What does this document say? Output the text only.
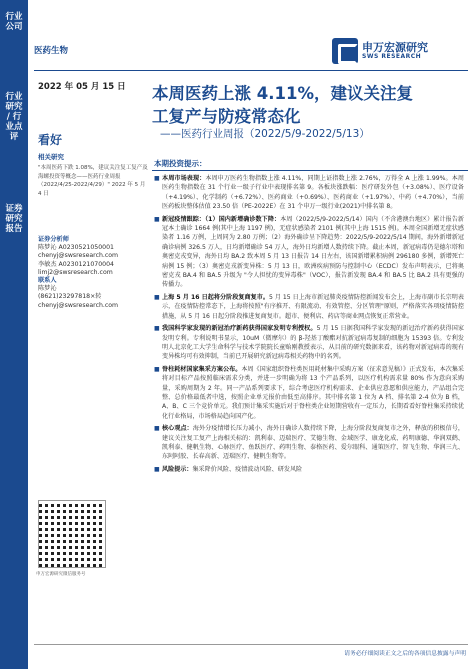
行业公司
行业研究 / 行业点评
证券研究报告
医药生物	申万宏源研究
SWS RESEARCH
2022 年 05 月 15 日
看好
相关研究
"本周医药下跌 1.08%，建议关注复工复产及海螺投资等概念——医药行业周报（2022/4/25-2022/4/29）" 2022 年 5 月 4 日
证券分析师
陈梦沁 A0230521050001
chenyj@swsresearch.com
李敏杰 A0230121070004
limj2@swsresearch.com
联系人
陈梦沁
(8621)23297818×转
chenyj@swsresearch.com
申万宏源研究微信服务号
本周医药上涨 4.11%，建议关注复
工复产与防疫常态化
——医药行业周报（2022/5/9-2022/5/13）
本期投资提示：
■ 本周市场表现：本周申万医药生物指数上涨 4.11%，同期上证指数上涨 2.76%，万得全 A 上涨 1.99%。本周医药生物指数在 31 个行业一级子行业中表现排名第 9。各板块涨跌幅：医疗研发外包（+3.08%）、医疗设备（+4.19%）、化学制药（+6.72%）、医药商业（+0.69%）、医药商业（+1.97%）、中药（+4.70%），当前医药板块整体估值 23.50 倍（PE-2022E）在 31 个申万一级行业(2021)中排名第 8。
■ 新冠疫情跟踪：（1）国内新增确诊数下降：本周（2022/5/9-2022/5/14）国内（不含港澳台地区）累计报告新冠本土确诊 1664 例(其中上海 1197 例)，无症状感染者 2101 例(其中上海 1515 例)。本周全国新增无症状感染者 1.16 万例，上周同为 2.80 万例；（2）海外确诊呈下降趋势：2022/5/9-2022/5/14 期间，海外新增新冠确诊病例 326.5 万人，日均新增确诊 54 万人，海外日均新增人数持续下降。截止本周，新冠病毒仍是德尔塔和奥密克戎变异，海外日均 BA.2 致本周 5 月 13 日报告 14 日左右，该国新增累积病例 296180 多例，新增死亡病例 15 例；（3）奥密克戎新变异株：5 月 13 日，欧洲疾病预防与控制中心（ECDC）发布声明表示，已将奥密克戎 BA.4 和 BA.5 升级为 "令人担忧的变异毒株"（VOC），报告新发现 BA.4 和 BA.5 比 BA.2 具有更强的传播力。
■ 上海 5 月 16 日起将分阶段复商复市。5 月 15 日上海市新冠肺炎疫情防控新闻发布会上，上海市副市长宗明表示，在疫情防控常态下，上海将按照"有序推开、有限流动、有效管控、分区管理"原则，严格落实各项疫情防控措施，从 5 月 16 日起分阶段推进复商复市。超市、便利店、药店等商业网点恢复正常营业。
■ 我国科学家发现的新冠治疗新药获得国家发明专利授权。5 月 15 日据我国科学家发现的新冠治疗新药获得国家发明专利。专利说明书显示，10uM（微摩尔）的 β-羟基丁酸酯对抗新冠病毒复制的细胞为 15393 倍。专利发明人北京化工大学生命科学与技术学院院长童贻刚教授表示，从目前的研究数据来看，该药物对新冠病毒的现有变异株均可有效抑制，当前已开展研究新冠病毒相关药物中的名列。
■ 脊柱耗材国家集采方案公布。本周《国家组织脊柱类医用耗材集中采购方案（征求意见稿）》正式发布，本次集采将对目标产品按照临床需求分类，并进一步明确为将 13 个产品系列，以医疗机构需求量 80% 作为意向采购量，采购周期为 2 年。同一产品系列要求下，综合考虑医疗机构需求、企业供应意愿和供应能力，产品组合完整、总价格最低者中选，按照企业单元报价由低至高排序。其中排名第 1 位为 A 档、排名第 2-4 位为 B 档，A、B、C 三个竞价单元。我们预计集采实施后对于脊柱类企业短期营收有一定压力，长期看看好脊柱集采持续优化行业格局，市场格局趋向国产化。
■ 核心观点：海外分疫情增长压力减小，海外日确诊人数持续下降，上海分阶段复商复市之外，释放的积极信号，建议关注复工复产上海相关标的：凯利泰、迈瑞医疗、艾德生物、金域医学、康龙化成、药明康德、华润双鹤、凯利泰、健帆生物、心脉医疗、鱼跃医疗、药明生物、泰格医药、爱尔眼科、通策医疗、智飞生物、华润三九、东阿阿胶、长春高新、迈瑞医疗、健帆生物等。
■ 风险提示：集采降价风险、疫情波动风险、研发风险
请务必仔细阅读正文之后的各项信息披露与声明
